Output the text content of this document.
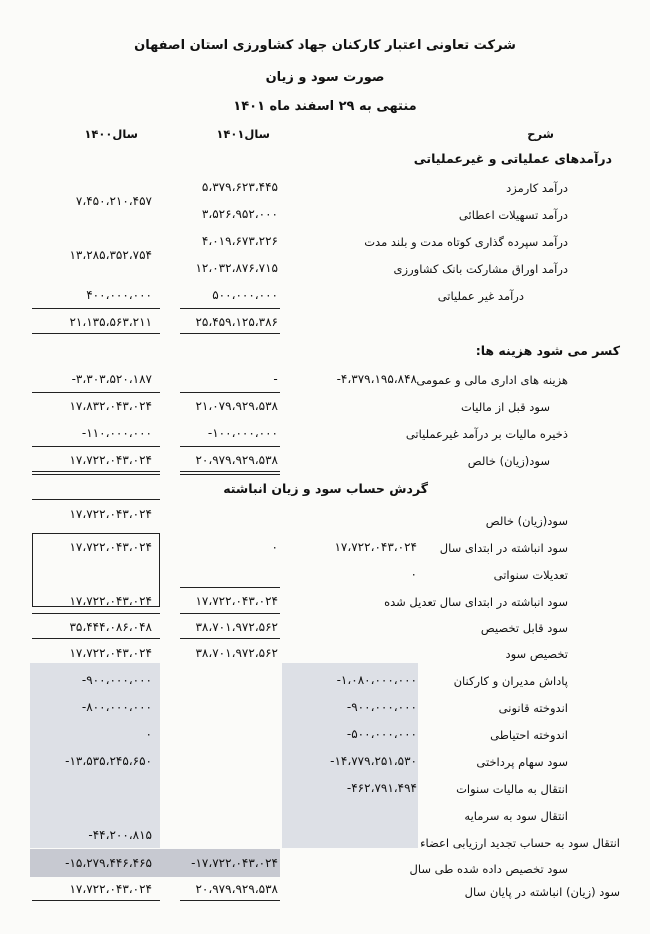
شرکت تعاونی اعتبار کارکنان جهاد کشاورزی استان اصفهان
صورت سود و زیان
منتهی به ۲۹ اسفند ماه ۱۴۰۱
شرح
سال۱۴۰۱
سال۱۴۰۰
درآمدهای عملیاتی و غیرعملیاتی
درآمد کارمزد
۵،۳۷۹،۶۲۳،۴۴۵
درآمد تسهیلات اعطائی
۳،۵۲۶،۹۵۲،۰۰۰
۷،۴۵۰،۲۱۰،۴۵۷
درآمد سپرده گذاری کوتاه مدت و بلند مدت
۴،۰۱۹،۶۷۳،۲۲۶
درآمد اوراق مشارکت بانک کشاورزی
۱۲،۰۳۲،۸۷۶،۷۱۵
۱۳،۲۸۵،۳۵۲،۷۵۴
درآمد غیر عملیاتی
۵۰۰،۰۰۰،۰۰۰
۴۰۰،۰۰۰،۰۰۰
۲۵،۴۵۹،۱۲۵،۳۸۶
۲۱،۱۳۵،۵۶۳،۲۱۱
کسر می شود هزینه ها:
هزینه های اداری مالی و عمومی
-۴،۳۷۹،۱۹۵،۸۴۸
-
-۳،۳۰۳،۵۲۰،۱۸۷
سود قبل از مالیات
۲۱،۰۷۹،۹۲۹،۵۳۸
۱۷،۸۳۲،۰۴۳،۰۲۴
ذخیره مالیات بر درآمد غیرعملیاتی
-۱۰۰،۰۰۰،۰۰۰
-۱۱۰،۰۰۰،۰۰۰
سود(زیان) خالص
۲۰،۹۷۹،۹۲۹،۵۳۸
۱۷،۷۲۲،۰۴۳،۰۲۴
گردش حساب سود و زیان انباشته
۱۷،۷۲۲،۰۴۳،۰۲۴	سود(زیان) خالص
سود انباشته در ابتدای سال
۱۷،۷۲۲،۰۴۳،۰۲۴
۰
۱۷،۷۲۲،۰۴۳،۰۲۴
تعدیلات سنواتی
۰
سود انباشته در ابتدای سال تعدیل شده
۱۷،۷۲۲،۰۴۳،۰۲۴
۱۷،۷۲۲،۰۴۳،۰۲۴
سود قابل تخصیص
۳۸،۷۰۱،۹۷۲،۵۶۲
۳۵،۴۴۴،۰۸۶،۰۴۸
تخصیص سود
۳۸،۷۰۱،۹۷۲،۵۶۲
۱۷،۷۲۲،۰۴۳،۰۲۴
پاداش مدیران و کارکنان
-۱،۰۸۰،۰۰۰،۰۰۰
-۹۰۰،۰۰۰،۰۰۰
اندوخته قانونی
-۹۰۰،۰۰۰،۰۰۰
-۸۰۰،۰۰۰،۰۰۰
اندوخته احتیاطی
-۵۰۰،۰۰۰،۰۰۰
۰
سود سهام پرداختی
-۱۴،۷۷۹،۲۵۱،۵۳۰
-۱۳،۵۳۵،۲۴۵،۶۵۰
انتقال به مالیات سنوات
-۴۶۲،۷۹۱،۴۹۴
انتقال سود به سرمایه
انتقال سود به حساب تجدید ارزیابی اعضاء
-۴۴،۲۰۰،۸۱۵
سود تخصیص داده شده طی سال
-۱۷،۷۲۲،۰۴۳،۰۲۴
-۱۵،۲۷۹،۴۴۶،۴۶۵
سود (زیان) انباشته در پایان سال
۲۰،۹۷۹،۹۲۹،۵۳۸
۱۷،۷۲۲،۰۴۳،۰۲۴
